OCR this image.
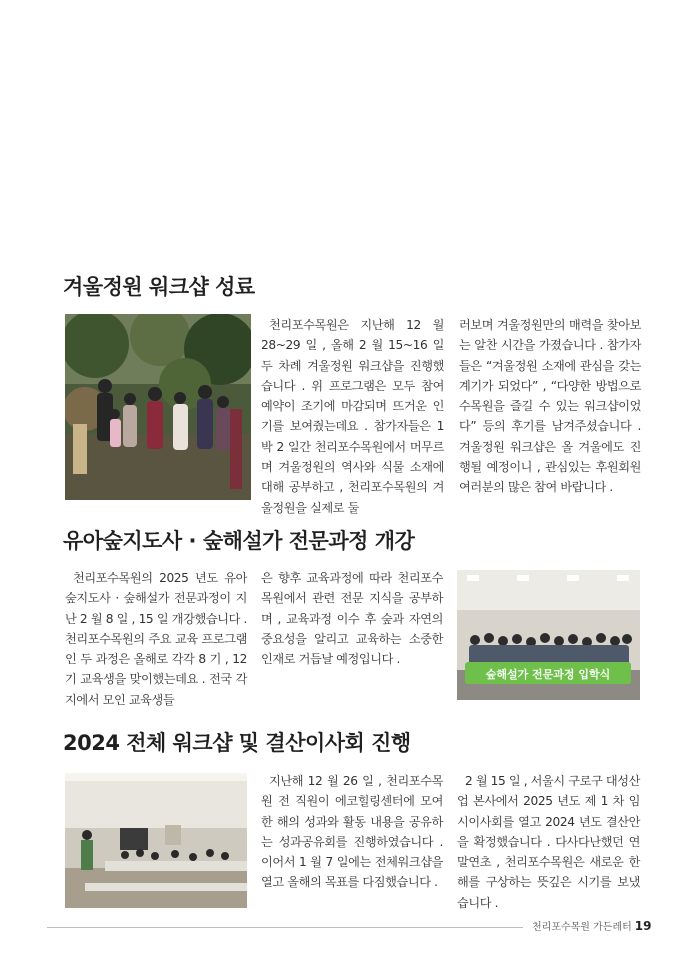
겨울정원 워크샵 성료

천리포수목원은 지난해 12 월 28~29 일 , 올해 2 월 15~16 일 두 차례 겨울정원 워크샵을 진행했습니다 . 위 프로그램은 모두 참여 예약이 조기에 마감되며 뜨거운 인기를 보여줬는데요 . 참가자들은 1 박 2 일간 천리포수목원에서 머무르며 겨울정원의 역사와 식물 소재에 대해 공부하고 , 천리포수목원의 겨울정원을 실제로 둘

러보며 겨울정원만의 매력을 찾아보는 알찬 시간을 가졌습니다 . 참가자들은 “겨울정원 소재에 관심을 갖는 계기가 되었다” , “다양한 방법으로 수목원을 즐길 수 있는 워크샵이었다” 등의 후기를 남겨주셨습니다 . 겨울정원 워크샵은 올 겨울에도 진행될 예정이니 , 관심있는 후원회원 여러분의 많은 참여 바랍니다 .

유아숲지도사 · 숲해설가 전문과정 개강

천리포수목원의 2025 년도 유아숲지도사 · 숲해설가 전문과정이 지난 2 월 8 일 , 15 일 개강했습니다 . 천리포수목원의 주요 교육 프로그램인 두 과정은 올해로 각각 8 기 , 12 기 교육생을 맞이했는데요 . 전국 각지에서 모인 교육생들

은 향후 교육과정에 따라 천리포수목원에서 관련 전문 지식을 공부하며 , 교육과정 이수 후 숲과 자연의 중요성을 알리고 교육하는 소중한 인재로 거듭날 예정입니다 .

숲해설가 전문과정 입학식
2024 전체 워크샵 및 결산이사회 진행

지난해 12 월 26 일 , 천리포수목원 전 직원이 에코힐링센터에 모여 한 해의 성과와 활동 내용을 공유하는 성과공유회를 진행하였습니다 . 이어서 1 월 7 일에는 전체워크샵을 열고 올해의 목표를 다짐했습니다 .

2 월 15 일 , 서울시 구로구 대성산업 본사에서 2025 년도 제 1 차 임시이사회를 열고 2024 년도 결산안을 확정했습니다 . 다사다난했던 연말연초 , 천리포수목원은 새로운 한 해를 구상하는 뜻깊은 시기를 보냈습니다 .

천리포수목원 가든레터 19
